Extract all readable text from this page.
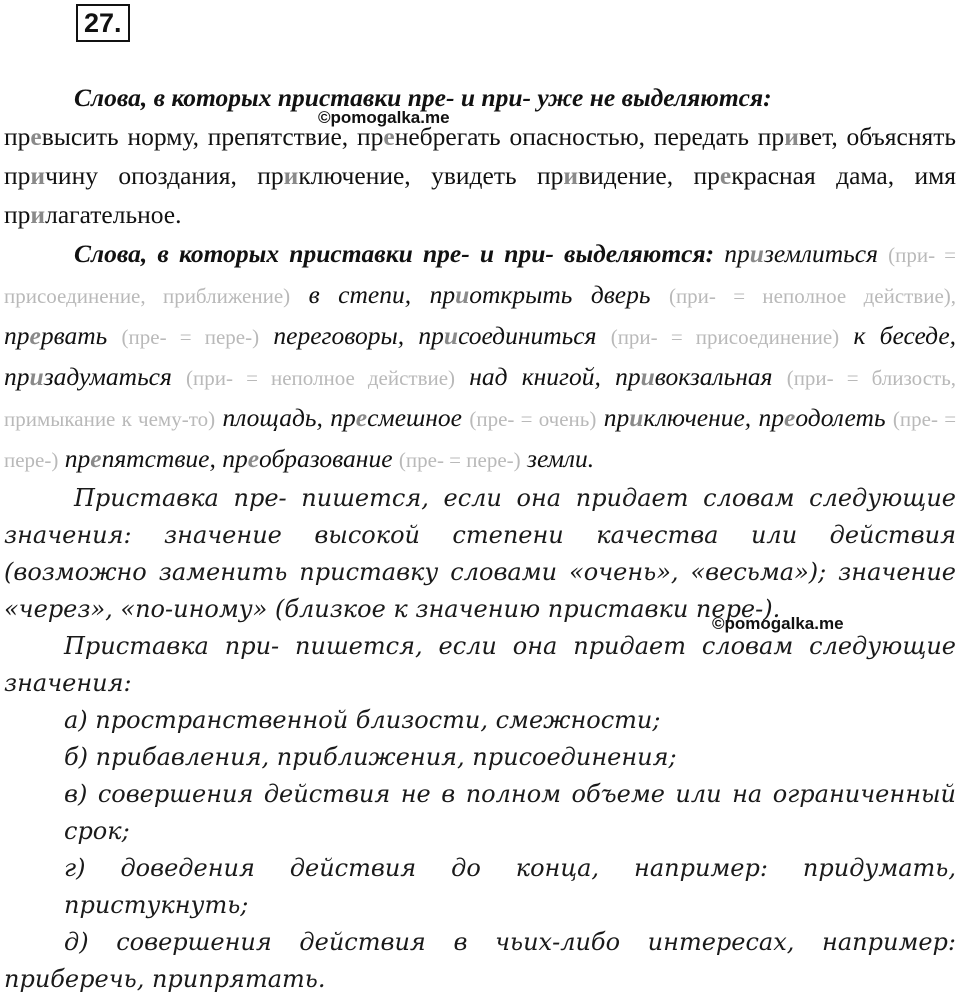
27.
©pomogalka.me
©pomogalka.me

Слова, в которых приставки пре- и при- уже не выделяются:

превысить норму, препятствие, пренебрегать опасностью, передать привет, объяснять причину опоздания, приключение, увидеть привидение, прекрасная дама, имя прилагательное.

Слова, в которых приставки пре- и при- выделяются: приземлиться (при- = присоединение, приближение) в степи, приоткрыть дверь (при- = неполное действие), прервать (пре- = пере-) переговоры, присоединиться (при- = присоединение) к беседе, призадуматься (при- = неполное действие) над книгой, привокзальная (при- = близость, примыкание к чему-то) площадь, пресмешное (пре- = очень) приключение, преодолеть (пре- = пере-) препятствие, преобразование (пре- = пере-) земли.

Приставка пре- пишется, если она придает словам следующие значения: значение высокой степени качества или действия (возможно заменить приставку словами «очень», «весьма»); значение «через», «по-иному» (близкое к значению приставки пере-).

Приставка при- пишется, если она придает словам следующие значения:

а) пространственной близости, смежности;

б) прибавления, приближения, присоединения;

в) совершения действия не в полном объеме или на ограниченный срок;

г) доведения действия до конца, например: придумать, пристукнуть;

д) совершения действия в чьих-либо интересах, например: приберечь, припрятать.
